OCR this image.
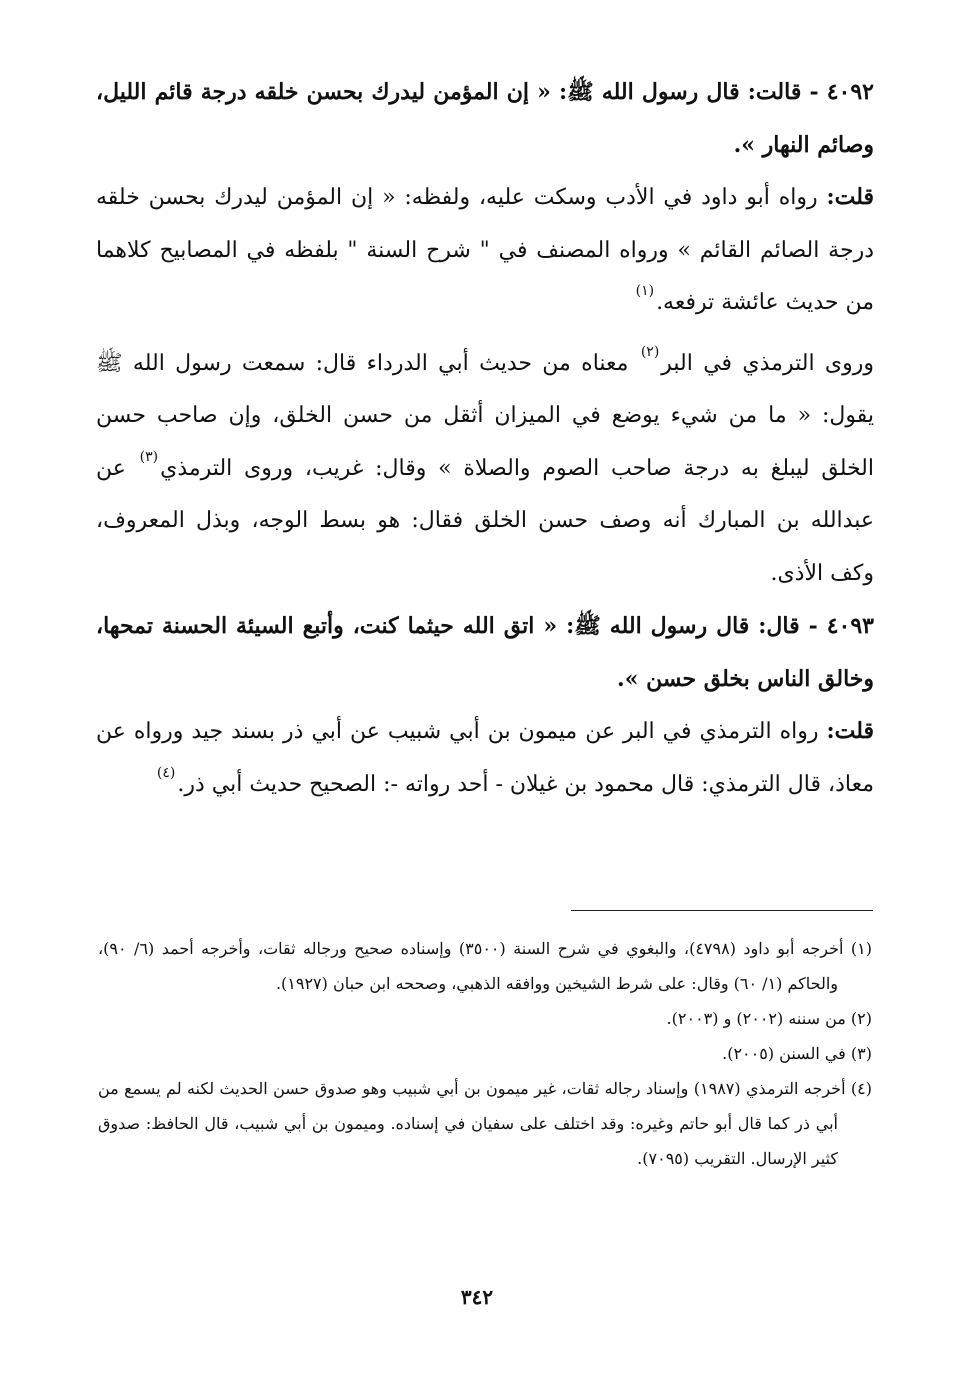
٤٠٩٢ - قالت: قال رسول الله ﷺ: « إن المؤمن ليدرك بحسن خلقه درجة قائم الليل، وصائم النهار ».

قلت: رواه أبو داود في الأدب وسكت عليه، ولفظه: « إن المؤمن ليدرك بحسن خلقه درجة الصائم القائم » ورواه المصنف في " شرح السنة " بلفظه في المصابيح كلاهما من حديث عائشة ترفعه.$^{(١)}$

وروى الترمذي في البر$^{(٢)}$ معناه من حديث أبي الدرداء قال: سمعت رسول الله ﷺ يقول: « ما من شيء يوضع في الميزان أثقل من حسن الخلق، وإن صاحب حسن الخلق ليبلغ به درجة صاحب الصوم والصلاة » وقال: غريب، وروى الترمذي$^{(٣)}$ عن عبدالله بن المبارك أنه وصف حسن الخلق فقال: هو بسط الوجه، وبذل المعروف، وكف الأذى.

٤٠٩٣ - قال: قال رسول الله ﷺ: « اتق الله حيثما كنت، وأتبع السيئة الحسنة تمحها، وخالق الناس بخلق حسن ».

قلت: رواه الترمذي في البر عن ميمون بن أبي شبيب عن أبي ذر بسند جيد ورواه عن معاذ، قال الترمذي: قال محمود بن غيلان - أحد رواته -: الصحيح حديث أبي ذر.$^{(٤)}$

(١) أخرجه أبو داود (٤٧٩٨)، والبغوي في شرح السنة (٣٥٠٠) وإسناده صحيح ورجاله ثقات، وأخرجه أحمد (٦/ ٩٠)، والحاكم (١/ ٦٠) وقال: على شرط الشيخين ووافقه الذهبي، وصححه ابن حبان (١٩٢٧).

(٢) من سننه (٢٠٠٢) و (٢٠٠٣).

(٣) في السنن (٢٠٠٥).

(٤) أخرجه الترمذي (١٩٨٧) وإسناد رجاله ثقات، غير ميمون بن أبي شبيب وهو صدوق حسن الحديث لكنه لم يسمع من أبي ذر كما قال أبو حاتم وغيره: وقد اختلف على سفيان في إسناده. وميمون بن أبي شبيب، قال الحافظ: صدوق كثير الإرسال. التقريب (٧٠٩٥).

٣٤٢
